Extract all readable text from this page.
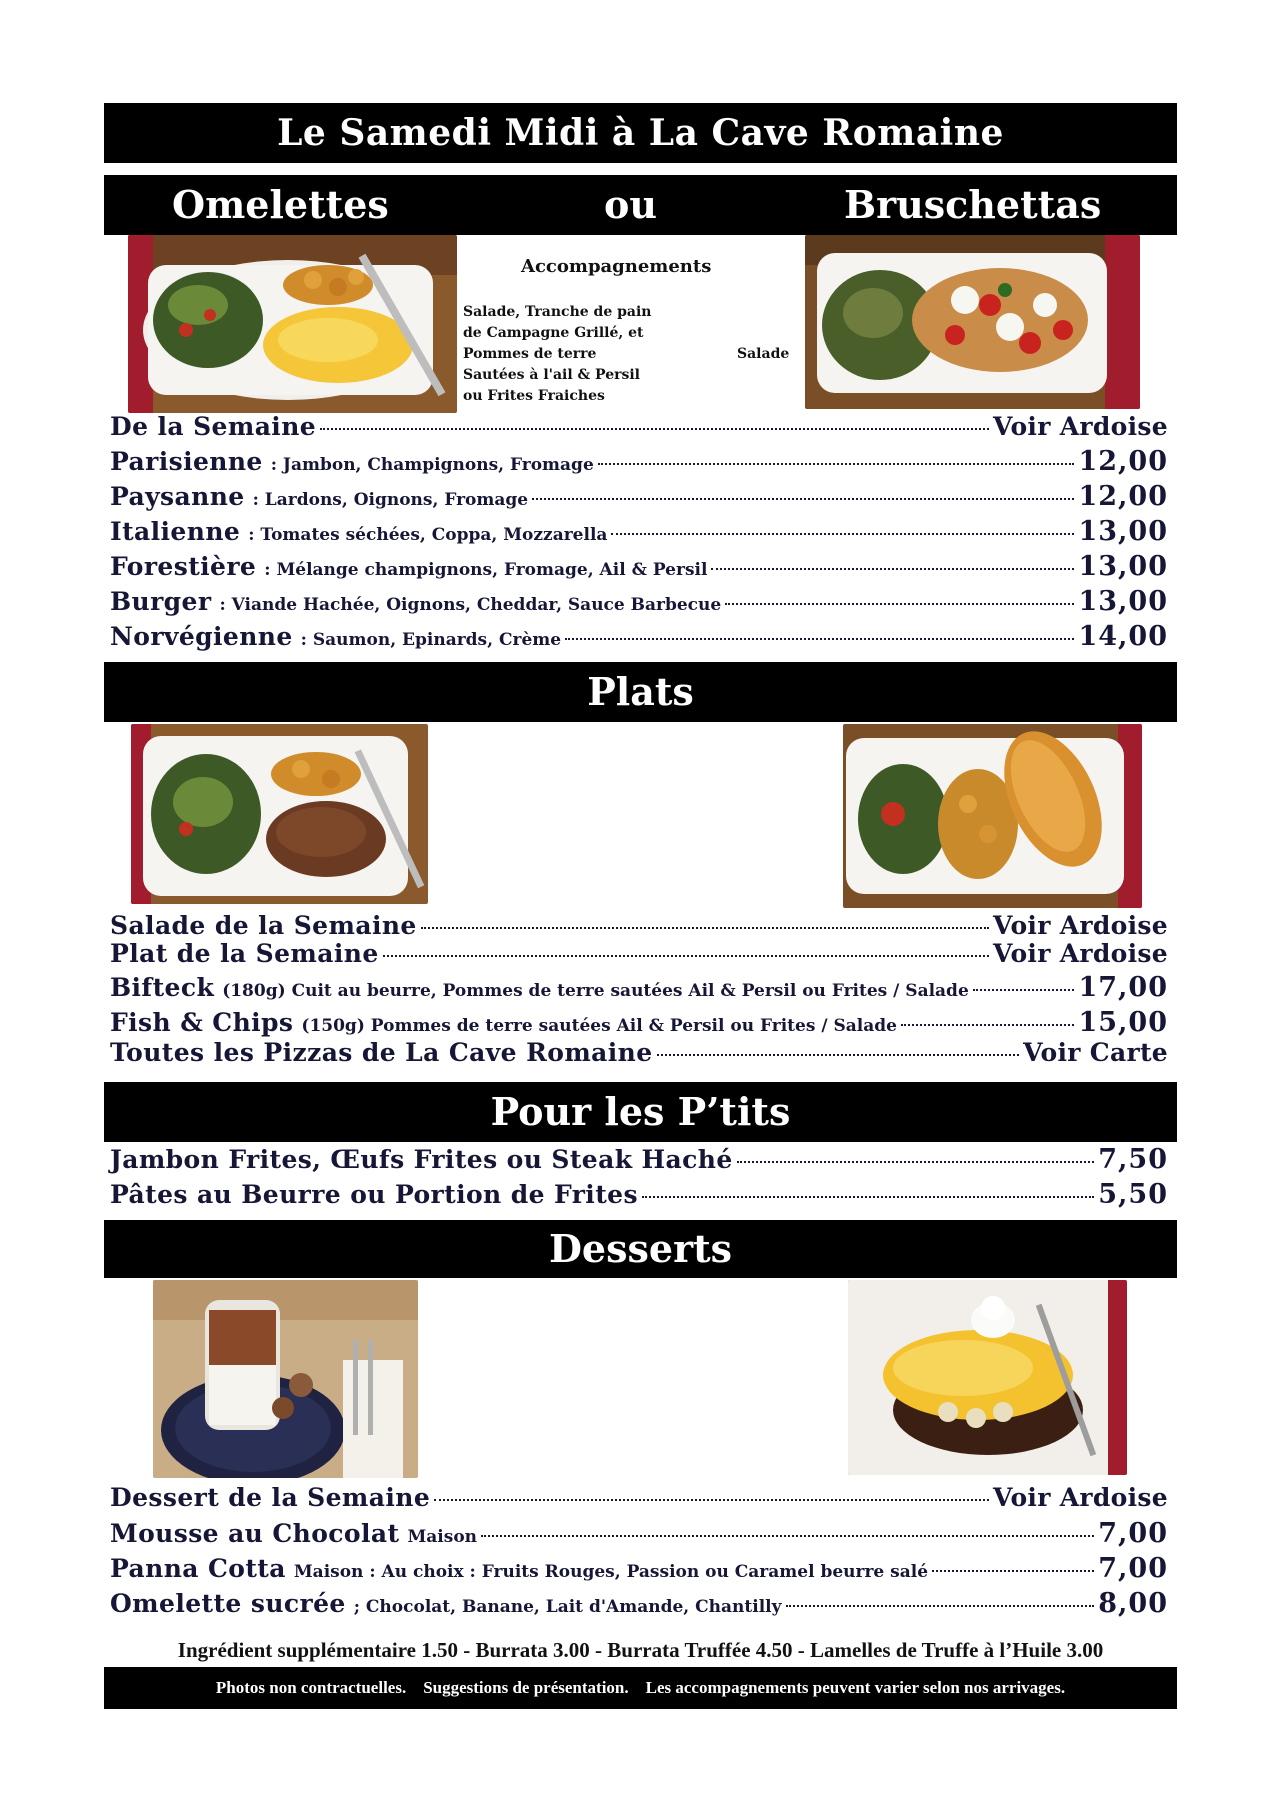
Le Samedi Midi à La Cave Romaine
Omelettes	ou	Bruschettas
Accompagnements
Salade, Tranche de pain
de Campagne Grillé, et
Pommes de terre
Sautées à l'ail & Persil
ou Frites Fraiches
Salade
De la Semaine	Voir Ardoise
Parisienne : Jambon, Champignons, Fromage	12,00
Paysanne : Lardons, Oignons, Fromage	12,00
Italienne : Tomates séchées, Coppa, Mozzarella	13,00
Forestière : Mélange champignons, Fromage, Ail & Persil	13,00
Burger : Viande Hachée, Oignons, Cheddar, Sauce Barbecue	13,00
Norvégienne : Saumon, Epinards, Crème	14,00
Plats
Salade de la Semaine	Voir Ardoise
Plat de la Semaine	Voir Ardoise
Bifteck (180g) Cuit au beurre, Pommes de terre sautées Ail & Persil ou Frites / Salade	17,00
Fish & Chips (150g) Pommes de terre sautées Ail & Persil ou Frites / Salade	15,00
Toutes les Pizzas de La Cave Romaine	Voir Carte
Pour les P’tits
Jambon Frites, Œufs Frites ou Steak Haché	7,50
Pâtes au Beurre ou Portion de Frites	5,50
Desserts
Dessert de la Semaine	Voir Ardoise
Mousse au Chocolat Maison	7,00
Panna Cotta Maison : Au choix : Fruits Rouges, Passion ou Caramel beurre salé	7,00
Omelette sucrée ; Chocolat, Banane, Lait d'Amande, Chantilly	8,00
Ingrédient supplémentaire 1.50 - Burrata 3.00 - Burrata Truffée 4.50 - Lamelles de Truffe à l’Huile 3.00
Photos non contractuelles.    Suggestions de présentation.    Les accompagnements peuvent varier selon nos arrivages.
